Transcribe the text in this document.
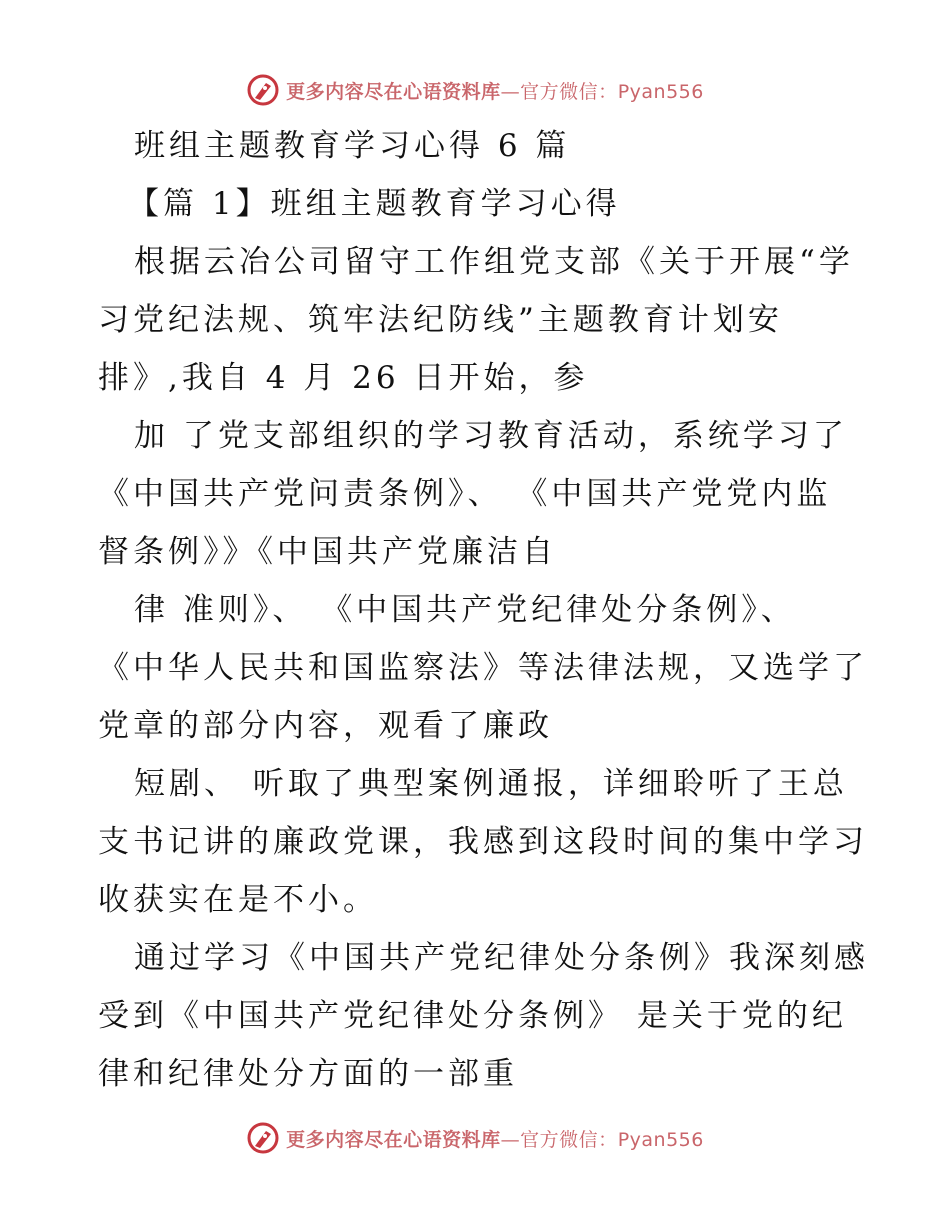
更多内容尽在心语资料库—官方微信：Pyan556
班组主题教育学习心得 6 篇
【篇 1】班组主题教育学习心得
根据云冶公司留守工作组党支部《关于开展“学
习党纪法规、筑牢法纪防线”主题教育计划安
排》,我自 4 月 26 日开始，参
加 了党支部组织的学习教育活动，系统学习了
《中国共产党问责条例》、 《中国共产党党内监
督条例》》《中国共产党廉洁自
律 准则》、 《中国共产党纪律处分条例》、
《中华人民共和国监察法》等法律法规，又选学了
党章的部分内容，观看了廉政
短剧、 听取了典型案例通报，详细聆听了王总
支书记讲的廉政党课，我感到这段时间的集中学习
收获实在是不小。
通过学习《中国共产党纪律处分条例》我深刻感
受到《中国共产党纪律处分条例》 是关于党的纪
律和纪律处分方面的一部重
更多内容尽在心语资料库—官方微信：Pyan556
